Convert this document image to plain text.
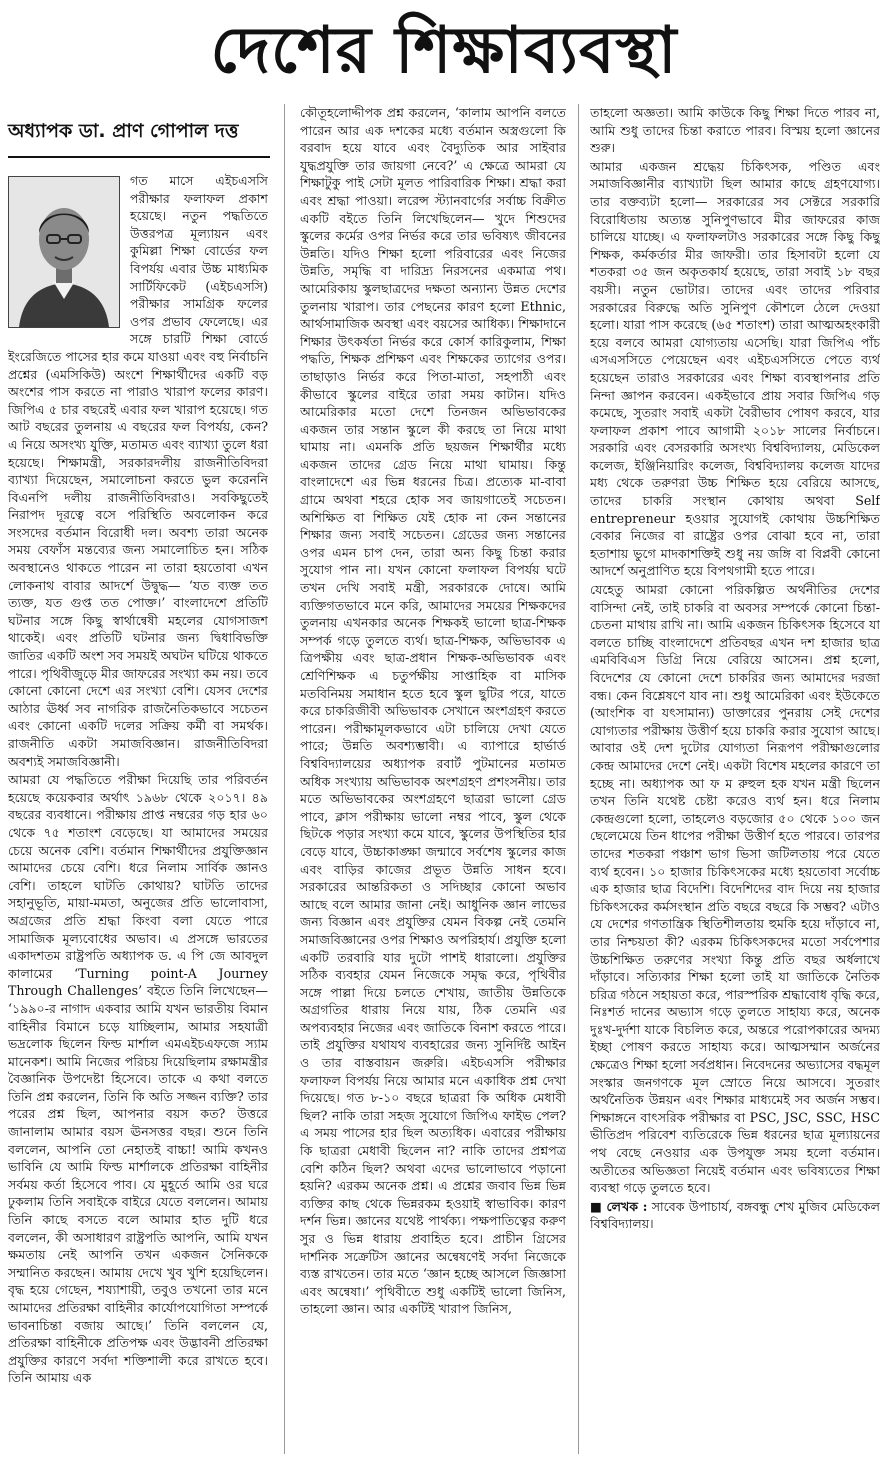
দেশের শিক্ষাব্যবস্থা
অধ্যাপক ডা. প্রাণ গোপাল দত্ত

গত মাসে এইচএসসি পরীক্ষার ফলাফল প্রকাশ হয়েছে। নতুন পদ্ধতিতে উত্তরপত্র মূল্যায়ন এবং কুমিল্লা শিক্ষা বোর্ডের ফল বিপর্যয় এবার উচ্চ মাধ্যমিক সার্টিফিকেট (এইচএসসি) পরীক্ষার সামগ্রিক ফলের ওপর প্রভাব ফেলেছে। এর সঙ্গে চারটি শিক্ষা বোর্ডে ইংরেজিতে পাসের হার কমে যাওয়া এবং বহু নির্বাচনি প্রশ্নের (এমসিকিউ) অংশে শিক্ষার্থীদের একটি বড় অংশের পাস করতে না পারাও খারাপ ফলের কারণ। জিপিএ ৫ চার বছরেই এবার ফল খারাপ হয়েছে। গত আট বছরের তুলনায় এ বছরের ফল বিপর্যয়, কেন? এ নিয়ে অসংখ্য যুক্তি, মতামত এবং ব্যাখ্যা তুলে ধরা হয়েছে। শিক্ষামন্ত্রী, সরকারদলীয় রাজনীতিবিদরা ব্যাখ্যা দিয়েছেন, সমালোচনা করতে ভুল করেননি বিএনপি দলীয় রাজনীতিবিদরাও। সবকিছুতেই নিরাপদ দূরত্বে বসে পরিস্থিতি অবলোকন করে সংসদের বর্তমান বিরোধী দল। অবশ্য তারা অনেক সময় বেফাঁস মন্তব্যের জন্য সমালোচিত হন। সঠিক অবস্থানেও থাকতে পারেন না তারা হয়তোবা এখন লোকনাথ বাবার আদর্শে উদ্বুদ্ধ— ‘যত ব্যক্ত তত ত্যক্ত, যত গুপ্ত তত পোক্ত।’ বাংলাদেশে প্রতিটি ঘটনার সঙ্গে কিছু স্বার্থান্বেষী মহলের যোগসাজশ থাকেই। এবং প্রতিটি ঘটনার জন্য দ্বিধাবিভক্তি জাতির একটি অংশ সব সময়ই অঘটন ঘটিয়ে থাকতে পারে। পৃথিবীজুড়ে মীর জাফরের সংখ্যা কম নয়। তবে কোনো কোনো দেশে এর সংখ্যা বেশি। যেসব দেশের আঠার ঊর্ধ্ব সব নাগরিক রাজনৈতিকভাবে সচেতন এবং কোনো একটি দলের সক্রিয় কর্মী বা সমর্থক। রাজনীতি একটা সমাজবিজ্ঞান। রাজনীতিবিদরা অবশ্যই সমাজবিজ্ঞানী।

আমরা যে পদ্ধতিতে পরীক্ষা দিয়েছি তার পরিবর্তন হয়েছে কয়েকবার অর্থাৎ ১৯৬৮ থেকে ২০১৭। ৪৯ বছরের ব্যবধানে। পরীক্ষায় প্রাপ্ত নম্বরের গড় হার ৬০ থেকে ৭৫ শতাংশ বেড়েছে। যা আমাদের সময়ের চেয়ে অনেক বেশি। বর্তমান শিক্ষার্থীদের প্রযুক্তিজ্ঞান আমাদের চেয়ে বেশি। ধরে নিলাম সার্বিক জ্ঞানও বেশি। তাহলে ঘাটতি কোথায়? ঘাটতি তাদের সহানুভূতি, মায়া-মমতা, অনুজের প্রতি ভালোবাসা, অগ্রজের প্রতি শ্রদ্ধা কিংবা বলা যেতে পারে সামাজিক মূল্যবোধের অভাব। এ প্রসঙ্গে ভারতের একাদশতম রাষ্ট্রপতি অধ্যাপক ড. এ পি জে আবদুল কালামের ‘Turning point-A Journey Through Challenges’ বইতে তিনি লিখেছেন— ‘১৯৯০-র নাগাদ একবার আমি যখন ভারতীয় বিমান বাহিনীর বিমানে চড়ে যাচ্ছিলাম, আমার সহযাত্রী ভদ্রলোক ছিলেন ফিল্ড মার্শাল এমএইচএফজে স্যাম মানেকশ। আমি নিজের পরিচয় দিয়েছিলাম রক্ষামন্ত্রীর বৈজ্ঞানিক উপদেষ্টা হিসেবে। তাকে এ কথা বলতে তিনি প্রশ্ন করলেন, তিনি কি অতি সজ্জন ব্যক্তি? তার পরের প্রশ্ন ছিল, আপনার বয়স কত? উত্তরে জানালাম আমার বয়স ঊনসত্তর বছর। শুনে তিনি বললেন, আপনি তো নেহাতই বাচ্চা! আমি কখনও ভাবিনি যে আমি ফিল্ড মার্শালকে প্রতিরক্ষা বাহিনীর সর্বময় কর্তা হিসেবে পাব। যে মুহূর্তে আমি ওর ঘরে ঢুকলাম তিনি সবাইকে বাইরে যেতে বললেন। আমায় তিনি কাছে বসতে বলে আমার হাত দুটি ধরে বললেন, কী অসাধারণ রাষ্ট্রপতি আপনি, আমি যখন ক্ষমতায় নেই আপনি তখন একজন সৈনিককে সম্মানিত করছেন। আমায় দেখে খুব খুশি হয়েছিলেন। বৃদ্ধ হয়ে গেছেন, শয্যাশায়ী, তবুও তখনো তার মনে আমাদের প্রতিরক্ষা বাহিনীর কার্যোপযোগিতা সম্পর্কে ভাবনাচিন্তা বজায় আছে।’ তিনি বললেন যে, প্রতিরক্ষা বাহিনীকে প্রতিপক্ষ এবং উদ্ভাবনী প্রতিরক্ষা প্রযুক্তির কারণে সর্বদা শক্তিশালী করে রাখতে হবে। তিনি আমায় এক

কৌতূহলোদ্দীপক প্রশ্ন করলেন, ‘কালাম আপনি বলতে পারেন আর এক দশকের মধ্যে বর্তমান অস্ত্রগুলো কি বরবাদ হয়ে যাবে এবং বৈদ্যুতিক আর সাইবার যুদ্ধপ্রযুক্তি তার জায়গা নেবে?’ এ ক্ষেত্রে আমরা যে শিক্ষাটুকু পাই সেটা মূলত পারিবারিক শিক্ষা। শ্রদ্ধা করা এবং শ্রদ্ধা পাওয়া। লরেন্স স্ট্যানবার্গের সর্বাচ্চ বিক্রীত একটি বইতে তিনি লিখেছিলেন— খুদে শিশুদের স্কুলের কর্মের ওপর নির্ভর করে তার ভবিষ্যৎ জীবনের উন্নতি। যদিও শিক্ষা হলো পরিবারের এবং নিজের উন্নতি, সমৃদ্ধি বা দারিদ্র্য নিরসনের একমাত্র পথ। আমেরিকায় স্কুলছাত্রদের দক্ষতা অন্যান্য উন্নত দেশের তুলনায় খারাপ। তার পেছনের কারণ হলো Ethnic, আর্থসামাজিক অবস্থা এবং বয়সের আধিক্য। শিক্ষাদানে শিক্ষার উৎকর্ষতা নির্ভর করে কোর্স কারিকুলাম, শিক্ষা পদ্ধতি, শিক্ষক প্রশিক্ষণ এবং শিক্ষকের ত্যাগের ওপর। তাছাড়াও নির্ভর করে পিতা-মাতা, সহপাঠী এবং কীভাবে স্কুলের বাইরে তারা সময় কাটান। যদিও আমেরিকার মতো দেশে তিনজন অভিভাবকের একজন তার সন্তান স্কুলে কী করছে তা নিয়ে মাথা ঘামায় না। এমনকি প্রতি ছয়জন শিক্ষার্থীর মধ্যে একজন তাদের গ্রেড নিয়ে মাথা ঘামায়। কিন্তু বাংলাদেশে এর ভিন্ন ধরনের চিত্র। প্রত্যেক মা-বাবা গ্রামে অথবা শহরে হোক সব জায়গাতেই সচেতন। অশিক্ষিত বা শিক্ষিত যেই হোক না কেন সন্তানের শিক্ষার জন্য সবাই সচেতন। গ্রেডের জন্য সন্তানের ওপর এমন চাপ দেন, তারা অন্য কিছু চিন্তা করার সুযোগ পান না। যখন কোনো ফলাফল বিপর্যয় ঘটে তখন দেখি সবাই মন্ত্রী, সরকারকে দোষে। আমি ব্যক্তিগতভাবে মনে করি, আমাদের সময়ের শিক্ষকদের তুলনায় এখনকার অনেক শিক্ষকই ভালো ছাত্র-শিক্ষক সম্পর্ক গড়ে তুলতে ব্যর্থ। ছাত্র-শিক্ষক, অভিভাবক এ ত্রিপক্ষীয় এবং ছাত্র-প্রধান শিক্ষক-অভিভাবক এবং শ্রেণিশিক্ষক এ চতুর্পক্ষীয় সাপ্তাহিক বা মাসিক মতবিনিময় সমাধান হতে হবে স্কুল ছুটির পরে, যাতে করে চাকরিজীবী অভিভাবক সেখানে অংশগ্রহণ করতে পারেন। পরীক্ষামূলকভাবে এটা চালিয়ে দেখা যেতে পারে; উন্নতি অবশ্যম্ভাবী। এ ব্যাপারে হার্ভার্ড বিশ্ববিদ্যালয়ের অধ্যাপক রবার্ট পুটমানের মতামত অধিক সংখ্যায় অভিভাবক অংশগ্রহণ প্রশংসনীয়। তার মতে অভিভাবকের অংশগ্রহণে ছাত্ররা ভালো গ্রেড পাবে, ক্লাস পরীক্ষায় ভালো নম্বর পাবে, স্কুল থেকে ছিটকে পড়ার সংখ্যা কমে যাবে, স্কুলের উপস্থিতির হার বেড়ে যাবে, উচ্চাকাঙ্ক্ষা জন্মাবে সর্বশেষ স্কুলের কাজ এবং বাড়ির কাজের প্রভূত উন্নতি সাধন হবে। সরকারের আন্তরিকতা ও সদিচ্ছার কোনো অভাব আছে বলে আমার জানা নেই। আধুনিক জ্ঞান লাভের জন্য বিজ্ঞান এবং প্রযুক্তির যেমন বিকল্প নেই তেমনি সমাজবিজ্ঞানের ওপর শিক্ষাও অপরিহার্য। প্রযুক্তি হলো একটি তরবারি যার দুটো পাশই ধারালো। প্রযুক্তির সঠিক ব্যবহার যেমন নিজেকে সমৃদ্ধ করে, পৃথিবীর সঙ্গে পাল্লা দিয়ে চলতে শেখায়, জাতীয় উন্নতিকে অগ্রগতির ধারায় নিয়ে যায়, ঠিক তেমনি এর অপব্যবহার নিজের এবং জাতিকে বিনাশ করতে পারে। তাই প্রযুক্তির যথাযথ ব্যবহারের জন্য সুনির্দিষ্ট আইন ও তার বাস্তবায়ন জরুরি। এইচএসসি পরীক্ষার ফলাফল বিপর্যয় নিয়ে আমার মনে একাধিক প্রশ্ন দেখা দিয়েছে। গত ৮-১০ বছরে ছাত্ররা কি অধিক মেধাবী ছিল? নাকি তারা সহজ সুযোগে জিপিএ ফাইভ পেল? এ সময় পাসের হার ছিল অত্যধিক। এবারের পরীক্ষায় কি ছাত্ররা মেধাবী ছিলেন না? নাকি তাদের প্রশ্নপত্র বেশি কঠিন ছিল? অথবা এদের ভালোভাবে পড়ানো হয়নি? এরকম অনেক প্রশ্ন। এ প্রশ্নের জবাব ভিন্ন ভিন্ন ব্যক্তির কাছ থেকে ভিন্নরকম হওয়াই স্বাভাবিক। কারণ দর্শন ভিন্ন। জ্ঞানের যথেষ্ট পার্থক্য। পক্ষপাতিত্বের করুণ সুর ও ভিন্ন ধারায় প্রবাহিত হবে। প্রাচীন গ্রিসের দার্শনিক সক্রেটিস জ্ঞানের অন্বেষণেই সর্বদা নিজেকে ব্যস্ত রাখতেন। তার মতে ‘জ্ঞান হচ্ছে আসলে জিজ্ঞাসা এবং অন্বেষা।’ পৃথিবীতে শুধু একটিই ভালো জিনিস, তাহলো জ্ঞান। আর একটিই খারাপ জিনিস,

তাহলো অজ্ঞতা। আমি কাউকে কিছু শিক্ষা দিতে পারব না, আমি শুধু তাদের চিন্তা করাতে পারব। বিস্ময় হলো জ্ঞানের শুরু।

আমার একজন শ্রদ্ধেয় চিকিৎসক, পণ্ডিত এবং সমাজবিজ্ঞানীর ব্যাখ্যাটা ছিল আমার কাছে গ্রহণযোগ্য। তার বক্তব্যটা হলো— সরকারের সব সেক্টরে সরকারি বিরোধিতায় অত্যন্ত সুনিপুণভাবে মীর জাফরের কাজ চালিয়ে যাচ্ছে। এ ফলাফলটাও সরকারের সঙ্গে কিছু কিছু শিক্ষক, কর্মকর্তার মীর জাফরী। তার হিসাবটা হলো যে শতকরা ৩৫ জন অকৃতকার্য হয়েছে, তারা সবাই ১৮ বছর বয়সী। নতুন ভোটার। তাদের এবং তাদের পরিবার সরকারের বিরুদ্ধে অতি সুনিপুণ কৌশলে ঠেলে দেওয়া হলো। যারা পাস করেছে (৬৫ শতাংশ) তারা আত্মঅহংকারী হয়ে বলবে আমরা যোগ্যতায় এসেছি। যারা জিপিএ পাঁচ এসএসসিতে পেয়েছেন এবং এইচএসসিতে পেতে ব্যর্থ হয়েছেন তারাও সরকারের এবং শিক্ষা ব্যবস্থাপনার প্রতি নিন্দা জ্ঞাপন করবেন। একইভাবে প্রায় সবার জিপিএ গড় কমেছে, সুতরাং সবাই একটা বৈরীভাব পোষণ করবে, যার ফলাফল প্রকাশ পাবে আগামী ২০১৮ সালের নির্বাচনে। সরকারি এবং বেসরকারি অসংখ্য বিশ্ববিদ্যালয়, মেডিকেল কলেজ, ইঞ্জিনিয়ারিং কলেজ, বিশ্ববিদ্যালয় কলেজ যাদের মধ্য থেকে তরুণরা উচ্চ শিক্ষিত হয়ে বেরিয়ে আসছে, তাদের চাকরি সংস্থান কোথায় অথবা Self entrepreneur হওয়ার সুযোগই কোথায় উচ্চশিক্ষিত বেকার নিজের বা রাষ্ট্রের ওপর বোঝা হবে না, তারা হতাশায় ভুগে মাদকাশক্তিই শুধু নয় জঙ্গি বা বিপ্লবী কোনো আদর্শে অনুপ্রাণিত হয়ে বিপথগামী হতে পারে।

যেহেতু আমরা কোনো পরিকল্পিত অর্থনীতির দেশের বাসিন্দা নেই, তাই চাকরি বা অবসর সম্পর্কে কোনো চিন্তা-চেতনা মাথায় রাখি না। আমি একজন চিকিৎসক হিসেবে যা বলতে চাচ্ছি বাংলাদেশে প্রতিবছর এখন দশ হাজার ছাত্র এমবিবিএস ডিগ্রি নিয়ে বেরিয়ে আসেন। প্রশ্ন হলো, বিদেশের যে কোনো দেশে চাকরির জন্য আমাদের দরজা বন্ধ। কেন বিশ্লেষণে যাব না। শুধু আমেরিকা এবং ইউকেতে (আংশিক বা যৎসামান্য) ডাক্তারের পুনরায় সেই দেশের যোগ্যতার পরীক্ষায় উত্তীর্ণ হয়ে চাকরি করার সুযোগ আছে। আবার ওই দেশ দুটোর যোগ্যতা নিরূপণ পরীক্ষাগুলোর কেন্দ্র আমাদের দেশে নেই। একটা বিশেষ মহলের কারণে তা হচ্ছে না। অধ্যাপক আ ফ ম রুহুল হক যখন মন্ত্রী ছিলেন তখন তিনি যথেষ্ট চেষ্টা করেও ব্যর্থ হন। ধরে নিলাম কেন্দ্রগুলো হলো, তাহলেও বড়জোর ৫০ থেকে ১০০ জন ছেলেমেয়ে তিন ধাপের পরীক্ষা উত্তীর্ণ হতে পারবে। তারপর তাদের শতকরা পঞ্চাশ ভাগ ভিসা জটিলতায় পরে যেতে ব্যর্থ হবেন। ১০ হাজার চিকিৎসকের মধ্যে হয়তোবা সর্বোচ্চ এক হাজার ছাত্র বিদেশি। বিদেশিদের বাদ দিয়ে নয় হাজার চিকিৎসকের কর্মসংস্থান প্রতি বছরে বছরে কি সম্ভব? এটাও যে দেশের গণতান্ত্রিক স্থিতিশীলতায় হুমকি হয়ে দাঁড়াবে না, তার নিশ্চয়তা কী? এরকম চিকিৎসকদের মতো সর্বপেশার উচ্চশিক্ষিত তরুণের সংখ্যা কিন্তু প্রতি বছর অর্ধলাখে দাঁড়াবে। সত্যিকার শিক্ষা হলো তাই যা জাতিকে নৈতিক চরিত্র গঠনে সহায়তা করে, পারস্পরিক শ্রদ্ধাবোধ বৃদ্ধি করে, নিঃশর্ত দানের অভ্যাস গড়ে তুলতে সাহায্য করে, অনেক দুঃখ-দুর্দশা যাকে বিচলিত করে, অন্তরে পরোপকারের অদম্য ইচ্ছা পোষণ করতে সাহায্য করে। আত্মসম্মান অর্জনের ক্ষেত্রেও শিক্ষা হলো সর্বপ্রধান। নিবেদনের অভ্যাসের বদ্ধমূল সংস্কার জনগণকে মূল স্রোতে নিয়ে আসবে। সুতরাং অর্থনৈতিক উন্নয়ন এবং শিক্ষার মাধ্যমেই সব অর্জন সম্ভব। শিক্ষাঙ্গনে বাৎসরিক পরীক্ষার বা PSC, JSC, SSC, HSC ভীতিপ্রদ পরিবেশ ব্যতিরেকে ভিন্ন ধরনের ছাত্র মূল্যায়নের পথ বেছে নেওয়ার এক উপযুক্ত সময় হলো বর্তমান। অতীতের অভিজ্ঞতা নিয়েই বর্তমান এবং ভবিষ্যতের শিক্ষা ব্যবস্থা গড়ে তুলতে হবে।

■ লেখক : সাবেক উপাচার্য, বঙ্গবন্ধু শেখ মুজিব মেডিকেল বিশ্ববিদ্যালয়।
